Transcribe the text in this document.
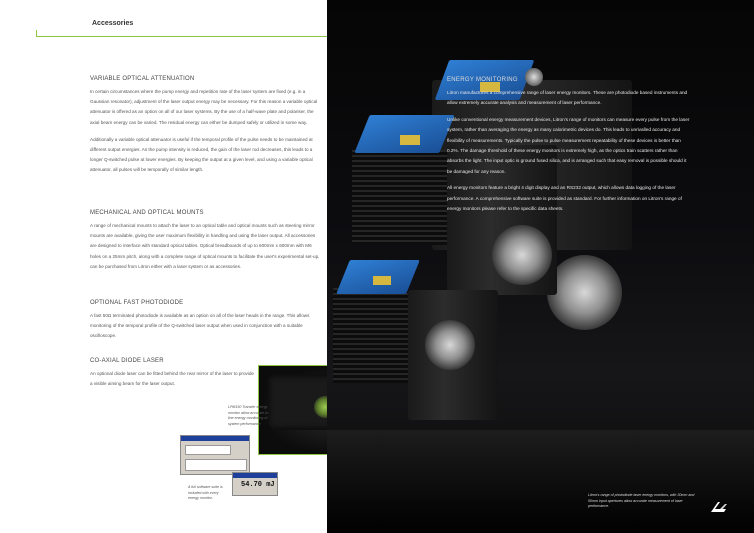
Accessories
VARIABLE OPTICAL ATTENUATION

In certain circumstances where the pump energy and repetition rate of the laser system are fixed (e.g. in a Gaussian resonator), adjustment of the laser output energy may be necessary. For this reason a variable optical attenuator is offered as an option on all of our laser systems. By the use of a half-wave plate and polariser, the axial beam energy can be varied. The residual energy can either be dumped safely or utilized in some way.

Additionally a variable optical attenuator is useful if the temporal profile of the pulse needs to be maintained at different output energies. As the pump intensity is reduced, the gain of the laser rod decreases, this leads to a longer Q-switched pulse at lower energies. By keeping the output at a given level, and using a variable optical attenuator, all pulses will be temporally of similar length.

MECHANICAL AND OPTICAL MOUNTS

A range of mechanical mounts to attach the laser to an optical table and optical mounts such as steering mirror mounts are available, giving the user maximum flexibility in handling and using the laser output. All accessories are designed to interface with standard optical tables. Optical breadboards of up to 600mm x 600mm with M6 holes on a 25mm pitch, along with a complete range of optical mounts to facilitate the user's experimental set-up, can be purchased from Litron either with a laser system or as accessories.

OPTIONAL FAST PHOTODIODE

A fast 50Ω terminated photodiode is available as an option on all of the laser heads in the range. This allows monitoring of the temporal profile of the Q-switched laser output when used in conjunction with a suitable oscilloscope.

CO-AXIAL DIODE LASER

An optional diode laser can be fitted behind the rear mirror of the laser to provide a visible aiming beam for the laser output.

LPM150 Transfer energy monitor allow accurate in-line energy monitoring of system performance.
54.70 mJ
A full software suite is included with every energy monitor.
ENERGY MONITORING

Litron manufactures a comprehensive range of laser energy monitors. These are photodiode based instruments and allow extremely accurate analysis and measurement of laser performance.

Unlike conventional energy measurement devices, Litron's range of monitors can measure every pulse from the laser system, rather than averaging the energy as many calorimetric devices do. This leads to unrivalled accuracy and flexibility of measurements. Typically the pulse to pulse measurement repeatability of these devices is better than 0.2%. The damage threshold of these energy monitors is extremely high, as the optics train scatters rather than absorbs the light. The input optic is ground fused silica, and is arranged such that easy removal is possible should it be damaged for any reason.

All energy monitors feature a bright 4 digit display and an RS232 output, which allows data logging of the laser performance. A comprehensive software suite is provided as standard. For further information on Litron's range of energy monitors please refer to the specific data sheets.

Litron's range of photodiode laser energy monitors, with 30mm and 50mm input apertures allow accurate measurement of laser performance.
